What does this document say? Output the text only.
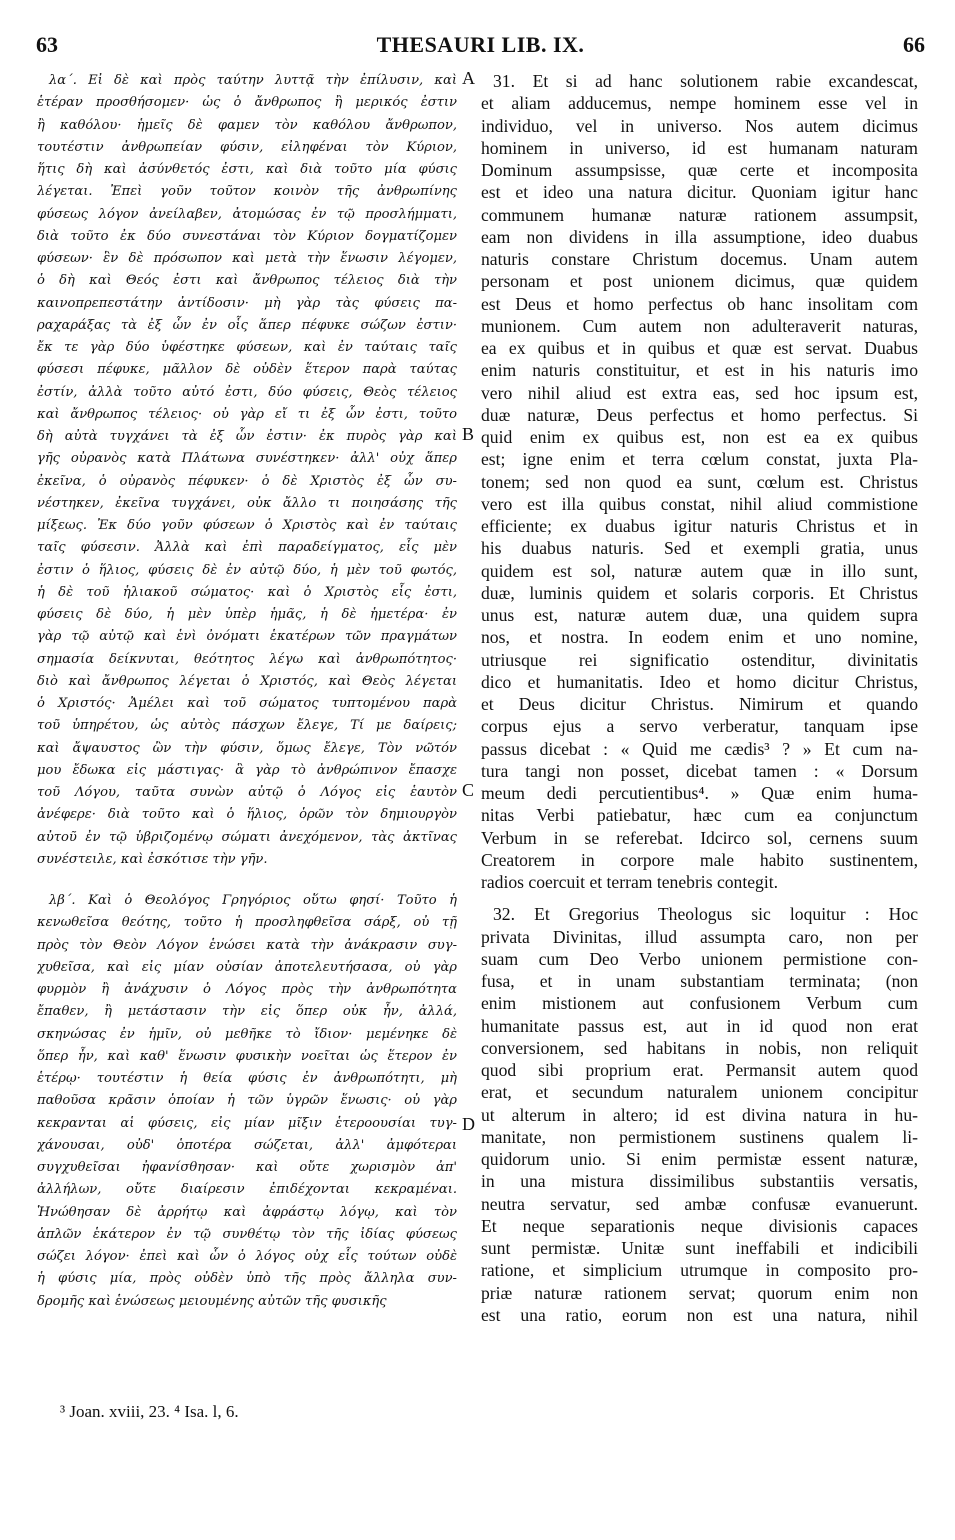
63	THESAURI LIB. IX.	66
λα΄. Εἰ δὲ καὶ πρὸς ταύτην λυττᾷ τὴν ἐπίλυσιν, καὶ
ἑτέραν προσθήσομεν· ὡς ὁ ἄνθρωπος ἢ μερικός ἐστιν
ἢ καθόλου· ἡμεῖς δὲ φαμεν τὸν καθόλου ἄνθρωπον,
τουτέστιν ἀνθρωπείαν φύσιν, εἰληφέναι τὸν Κύριον,
ἥτις δὴ καὶ ἀσύνθετός ἐστι, καὶ διὰ τοῦτο μία φύσις
λέγεται. Ἐπεὶ γοῦν τοῦτον κοινὸν τῆς ἀνθρωπίνης
φύσεως λόγον ἀνείλαβεν, ἀτομώσας ἐν τῷ προσλήμματι,
διὰ τοῦτο ἐκ δύο συνεστάναι τὸν Κύριον δογματίζομεν
φύσεων· ἓν δὲ πρόσωπον καὶ μετὰ τὴν ἕνωσιν λέγομεν,
ὁ δὴ καὶ Θεός ἐστι καὶ ἄνθρωπος τέλειος διὰ τὴν
καινοπρεπεστάτην ἀντίδοσιν· μὴ γὰρ τὰς φύσεις πα-
ραχαράξας τὰ ἐξ ὧν ἐν οἷς ἅπερ πέφυκε σώζων ἐστιν·
ἔκ τε γὰρ δύο ὑφέστηκε φύσεων, καὶ ἐν ταύταις ταῖς
φύσεσι πέφυκε, μᾶλλον δὲ οὐδὲν ἕτερον παρὰ ταύτας
ἐστίν, ἀλλὰ τοῦτο αὐτό ἐστι, δύο φύσεις, Θεὸς τέλειος
καὶ ἄνθρωπος τέλειος· οὐ γὰρ εἴ τι ἐξ ὧν ἐστι, τοῦτο
δὴ αὐτὰ τυγχάνει τὰ ἐξ ὧν ἐστιν· ἐκ πυρὸς γὰρ καὶ
γῆς οὐρανὸς κατὰ Πλάτωνα συνέστηκεν· ἀλλ' οὐχ ἅπερ
ἐκεῖνα, ὁ οὐρανὸς πέφυκεν· ὁ δὲ Χριστὸς ἐξ ὧν συ-
νέστηκεν, ἐκεῖνα τυγχάνει, οὐκ ἄλλο τι ποιησάσης τῆς
μίξεως. Ἐκ δύο γοῦν φύσεων ὁ Χριστὸς καὶ ἐν ταύταις
ταῖς φύσεσιν. Ἀλλὰ καὶ ἐπὶ παραδείγματος, εἷς μὲν
ἐστιν ὁ ἥλιος, φύσεις δὲ ἐν αὐτῷ δύο, ἡ μὲν τοῦ φωτός,
ἡ δὲ τοῦ ἡλιακοῦ σώματος· καὶ ὁ Χριστὸς εἷς ἐστι,
φύσεις δὲ δύο, ἡ μὲν ὑπὲρ ἡμᾶς, ἡ δὲ ἡμετέρα· ἐν
γὰρ τῷ αὐτῷ καὶ ἑνὶ ὀνόματι ἑκατέρων τῶν πραγμάτων
σημασία δείκνυται, θεότητος λέγω καὶ ἀνθρωπότητος·
διὸ καὶ ἄνθρωπος λέγεται ὁ Χριστός, καὶ Θεὸς λέγεται
ὁ Χριστός· Ἀμέλει καὶ τοῦ σώματος τυπτομένου παρὰ
τοῦ ὑπηρέτου, ὡς αὐτὸς πάσχων ἔλεγε, Τί με δαίρεις;
καὶ ἄψαυστος ὢν τὴν φύσιν, ὅμως ἔλεγε, Τὸν νῶτόν
μου ἔδωκα εἰς μάστιγας· ἃ γὰρ τὸ ἀνθρώπινον ἔπασχε
τοῦ Λόγου, ταῦτα συνὼν αὐτῷ ὁ Λόγος εἰς ἑαυτὸν
ἀνέφερε· διὰ τοῦτο καὶ ὁ ἥλιος, ὁρῶν τὸν δημιουργὸν
αὐτοῦ ἐν τῷ ὑβριζομένῳ σώματι ἀνεχόμενον, τὰς ἀκτῖνας
συνέστειλε, καὶ ἐσκότισε τὴν γῆν.
λβ΄. Καὶ ὁ Θεολόγος Γρηγόριος οὕτω φησί· Τοῦτο ἡ
κενωθεῖσα θεότης, τοῦτο ἡ προσληφθεῖσα σάρξ, οὐ τῇ
πρὸς τὸν Θεὸν Λόγον ἑνώσει κατὰ τὴν ἀνάκρασιν συγ-
χυθεῖσα, καὶ εἰς μίαν οὐσίαν ἀποτελευτήσασα, οὐ γὰρ
φυρμὸν ἢ ἀνάχυσιν ὁ Λόγος πρὸς τὴν ἀνθρωπότητα
ἔπαθεν, ἢ μετάστασιν τὴν εἰς ὅπερ οὐκ ἦν, ἀλλά,
σκηνώσας ἐν ἡμῖν, οὐ μεθῆκε τὸ ἴδιον· μεμένηκε δὲ
ὅπερ ἦν, καὶ καθ' ἕνωσιν φυσικὴν νοεῖται ὡς ἕτερον ἐν
ἑτέρῳ· τουτέστιν ἡ θεία φύσις ἐν ἀνθρωπότητι, μὴ
παθοῦσα κρᾶσιν ὁποίαν ἡ τῶν ὑγρῶν ἕνωσις· οὐ γὰρ
κεκρανται αἱ φύσεις, εἰς μίαν μῖξιν ἑτεροουσίαι τυγ-
χάνουσαι, οὐδ' ὁποτέρα σώζεται, ἀλλ' ἀμφότεραι
συγχυθεῖσαι ἠφανίσθησαν· καὶ οὔτε χωρισμὸν ἀπ'
ἀλλήλων, οὔτε διαίρεσιν ἐπιδέχονται κεκραμέναι.
Ἡνώθησαν δὲ ἀρρήτῳ καὶ ἀφράστῳ λόγῳ, καὶ τὸν
ἁπλῶν ἑκάτερον ἐν τῷ συνθέτῳ τὸν τῆς ἰδίας φύσεως
σώζει λόγον· ἐπεὶ καὶ ὧν ὁ λόγος οὐχ εἷς τούτων οὐδὲ
ἡ φύσις μία, πρὸς οὐδὲν ὑπὸ τῆς πρὸς ἄλληλα συν-
δρομῆς καὶ ἑνώσεως μειουμένης αὐτῶν τῆς φυσικῆς
31. Et si ad hanc solutionem rabie excandescat,
et aliam adducemus, nempe hominem esse vel in
individuo, vel in universo. Nos autem dicimus
hominem in universo, id est humanam naturam
Dominum assumpsisse, quæ certe et incomposita
est et ideo una natura dicitur. Quoniam igitur hanc
communem humanæ naturæ rationem assumpsit,
eam non dividens in illa assumptione, ideo duabus
naturis constare Christum docemus. Unam autem
personam et post unionem dicimus, quæ quidem
est Deus et homo perfectus ob hanc insolitam com
munionem. Cum autem non adulteraverit naturas,
ea ex quibus et in quibus et quæ est servat. Duabus
enim naturis constituitur, et est in his naturis imo
vero nihil aliud est extra eas, sed hoc ipsum est,
duæ naturæ, Deus perfectus et homo perfectus. Si
quid enim ex quibus est, non est ea ex quibus
est; igne enim et terra cœlum constat, juxta Pla-
tonem; sed non quod ea sunt, cœlum est. Christus
vero est illa quibus constat, nihil aliud commistione
efficiente; ex duabus igitur naturis Christus et in
his duabus naturis. Sed et exempli gratia, unus
quidem est sol, naturæ autem quæ in illo sunt,
duæ, luminis quidem et solaris corporis. Et Christus
unus est, naturæ autem duæ, una quidem supra
nos, et nostra. In eodem enim et uno nomine,
utriusque rei significatio ostenditur, divinitatis
dico et humanitatis. Ideo et homo dicitur Christus,
et Deus dicitur Christus. Nimirum et quando
corpus ejus a servo verberatur, tanquam ipse
passus dicebat : « Quid me cædis³ ? » Et cum na-
tura tangi non posset, dicebat tamen : « Dorsum
meum dedi percutientibus⁴. » Quæ enim huma-
nitas Verbi patiebatur, hæc cum ea conjunctum
Verbum in se referebat. Idcirco sol, cernens suum
Creatorem in corpore male habito sustinentem,
radios coercuit et terram tenebris contegit.
32. Et Gregorius Theologus sic loquitur : Hoc
privata Divinitas, illud assumpta caro, non per
suam cum Deo Verbo unionem permistione con-
fusa, et in unam substantiam terminata; (non
enim mistionem aut confusionem Verbum cum
humanitate passus est, aut in id quod non erat
conversionem, sed habitans in nobis, non reliquit
quod sibi proprium erat. Permansit autem quod
erat, et secundum naturalem unionem concipitur
ut alterum in altero; id est divina natura in hu-
manitate, non permistionem sustinens qualem li-
quidorum unio. Si enim permistæ essent naturæ,
in una mistura dissimilibus substantiis versatis,
neutra servatur, sed ambæ confusæ evanuerunt.
Et neque separationis neque divisionis capaces
sunt permistæ. Unitæ sunt ineffabili et indicibili
ratione, et simplicium utrumque in composito pro-
priæ naturæ rationem servat; quorum enim non
est una ratio, eorum non est una natura, nihil
A
B
C
D
³ Joan. xviii, 23. ⁴ Isa. l, 6.
